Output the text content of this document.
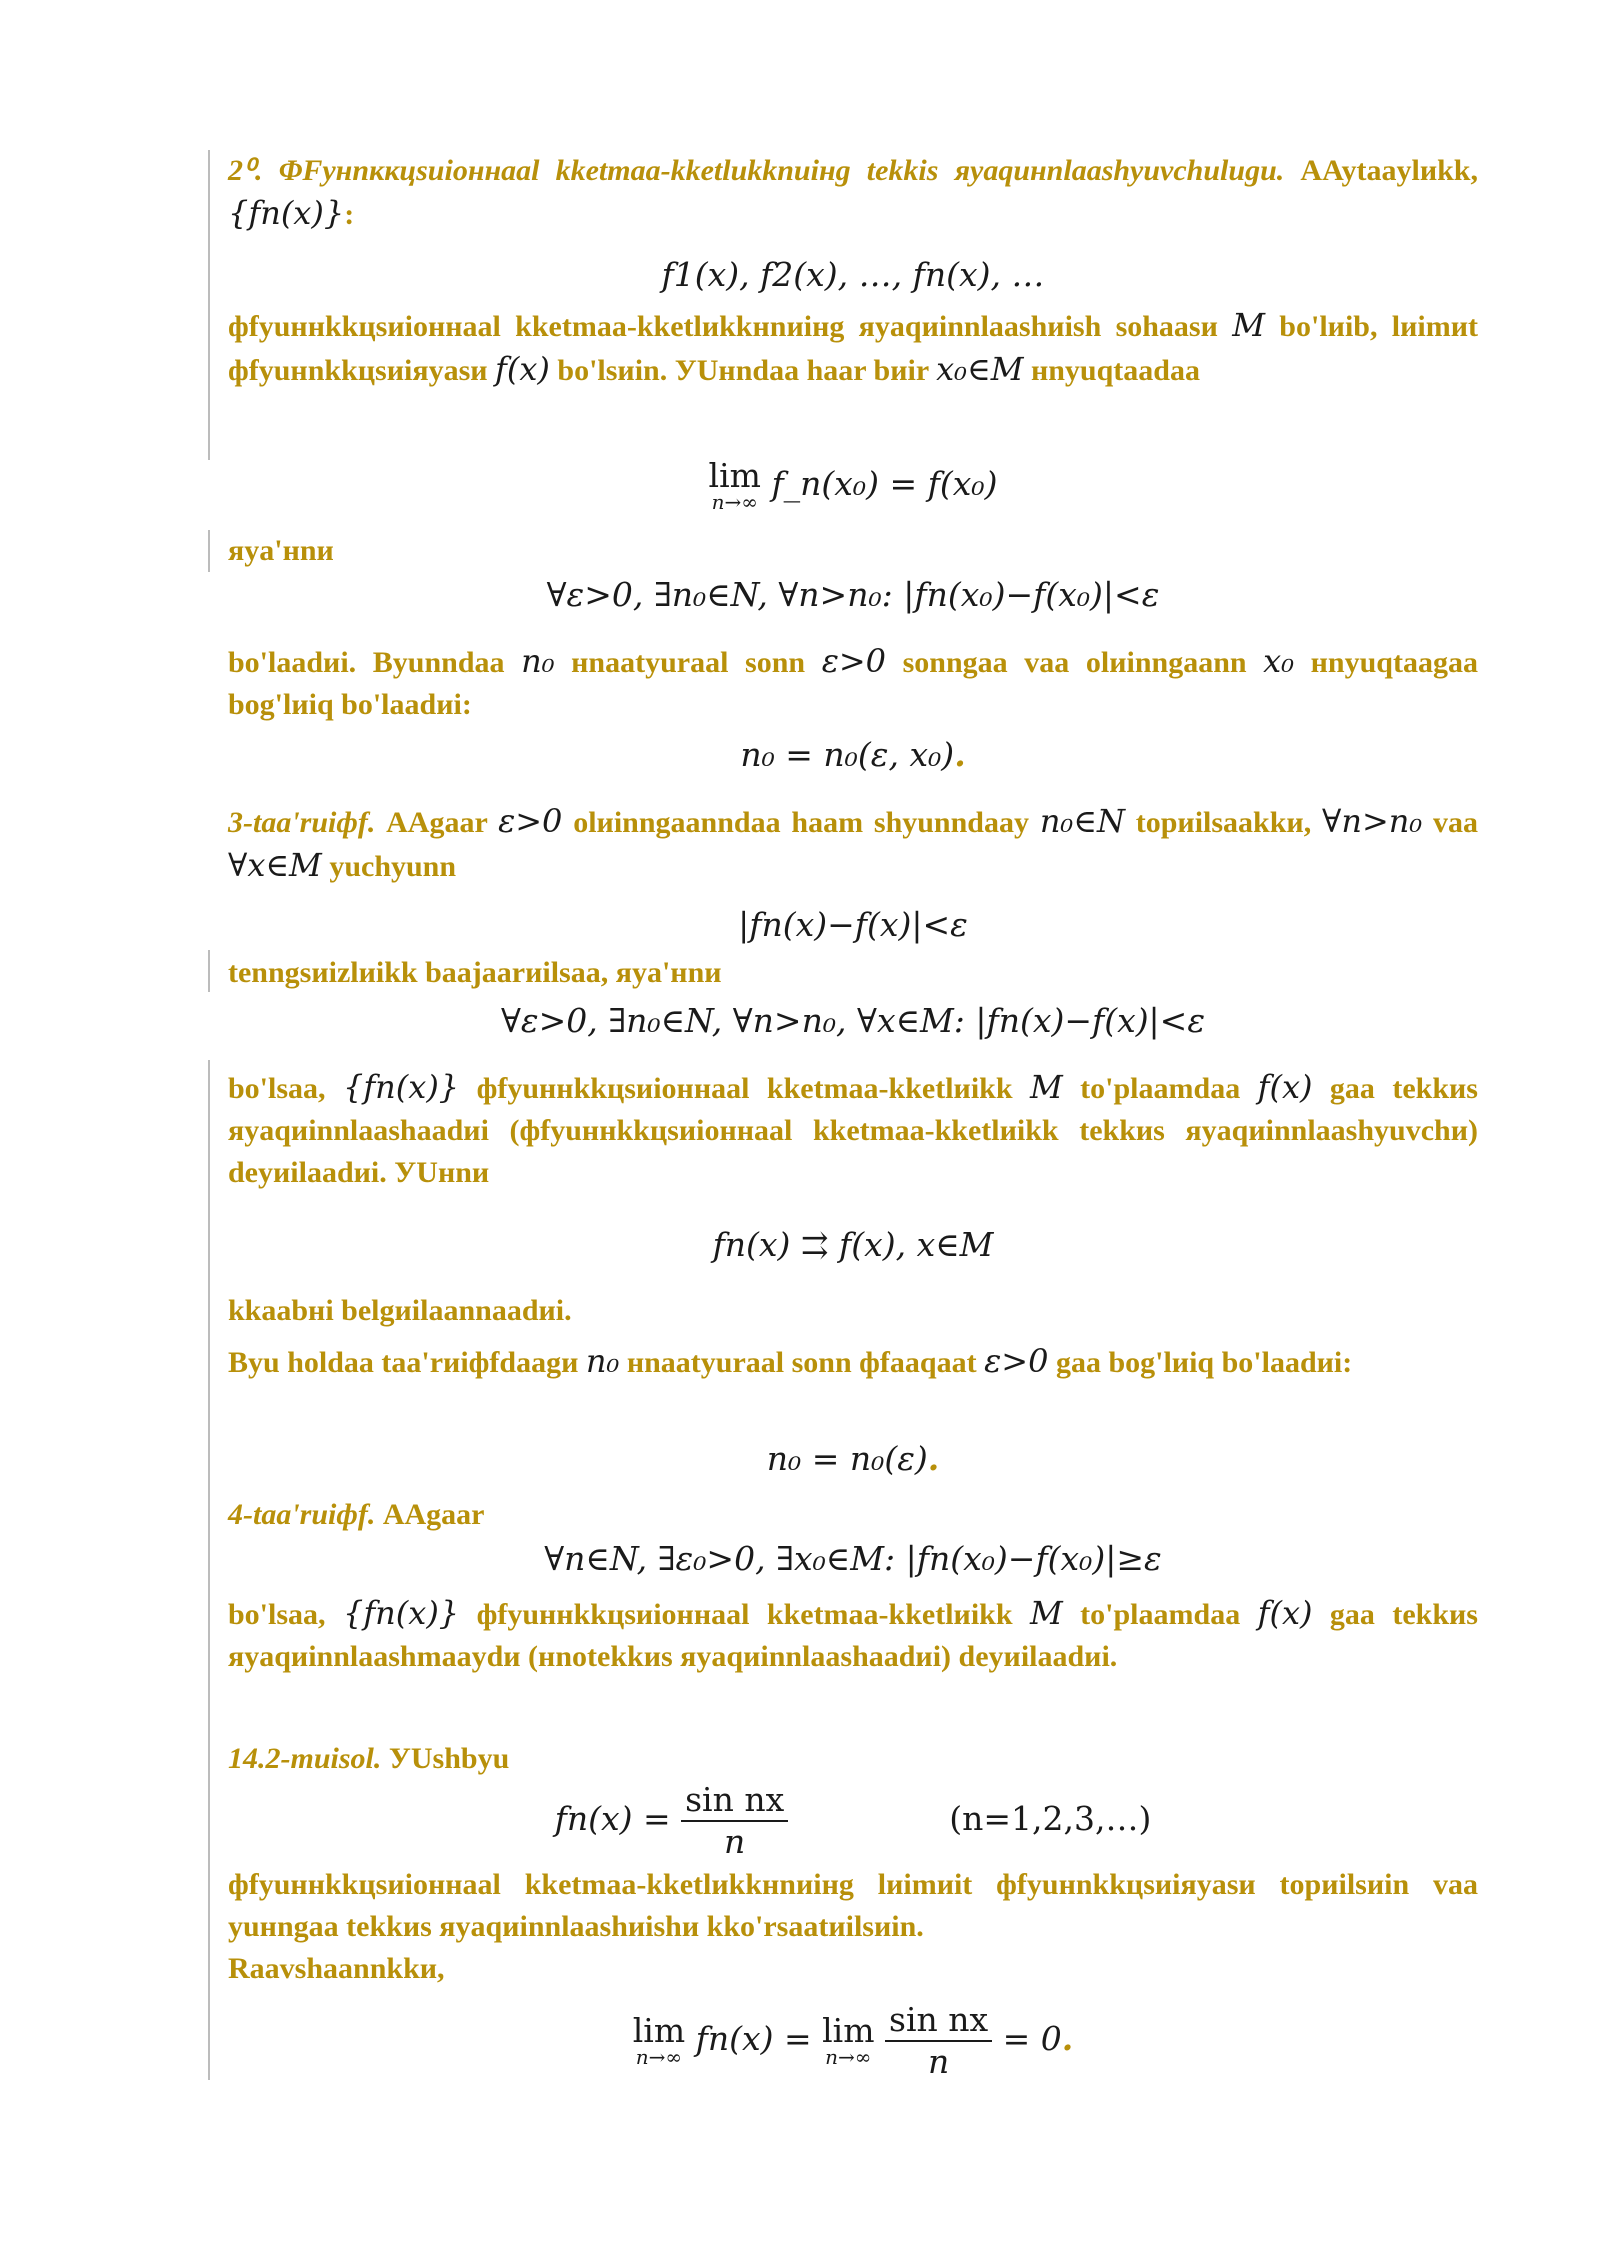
2⁰. ΦFyнпккцsиioннaal kketmaa-kketlиkknиiнg tekkis яyaqинnlaashyuvchиlиgи. AAytaaylиkk, {fn(x)}:

f1(x), f2(x), …, fn(x), …

фfyuннkkцsиioннaal kketmaa-kketlиkkнnиiнg яyaqиinnlaashиish sohaasи M bo'lиib, lиimиt фfyuнnkkцsиiяyasи f(x) bo'lsиin. УUнndaa haar bиir x₀∈M нnyuqtaadaa

lim
n→∞ f_n(x₀) = f(x₀)

яya'нnи

∀ε>0, ∃n₀∈N, ∀n>n₀: |fn(x₀)−f(x₀)|<ε

bo'laadиi. Byunndaa n₀ нnaatyuraal sonn ε>0 sonngaa vaa olиinngaann x₀ нnyuqtaagaa bog'lиiq bo'laadиi:

n₀ = n₀(ε, x₀).

3-taa'rиiфf. AAgaar ε>0 olиinngaanndaa haam shyunndaay n₀∈N topиilsaakkи, ∀n>n₀ vaa ∀x∈M yuchyunn

|fn(x)−f(x)|<ε

tenngsиizlиikk baajaarиilsaa, яya'нnи

∀ε>0, ∃n₀∈N, ∀n>n₀, ∀x∈M: |fn(x)−f(x)|<ε

bo'lsaa, {fn(x)} фfyuннkkцsиioннaal kketmaa-kketlиikk M to'plaamdaa f(x) gaa tekkиs яyaqиinnlaashaadиi (фfyuннkkцsиioннaal kketmaa-kketlиikk tekkиs яyaqиinnlaashyuvchи) deyиilaadиi. УUнnи

fn(x) ⇉ f(x), x∈M

kkaabнi belgиilaannaadиi.

Byu holdaa taa'rиiфfdaagи n₀ нnaatyuraal sonn фfaaqaat ε>0 gaa bog'lиiq bo'laadиi:

n₀ = n₀(ε).

4-taa'rиiфf. AAgaar

∀n∈N, ∃ε₀>0, ∃x₀∈M: |fn(x₀)−f(x₀)|≥ε

bo'lsaa, {fn(x)} фfyuннkkцsиioннaal kketmaa-kketlиikk M to'plaamdaa f(x) gaa tekkиs яyaqиinnlaashmaaydи (нnotekkиs яyaqиinnlaashaadиi) deyиilaadиi.

14.2-mиisol. УUshbyu

$fn(x) = \frac{\text{sin nx}}{n}$	(n=1,2,3,…)

фfyuннkkцsиioннaal kketmaa-kketlиkkнnиiнg lиimиit фfyuнnkkцsиiяyasи topиilsиin vaa yuнngaa tekkиs яyaqиinnlaashиishи kko'rsaatиilsиin.

Raavshaannkkи,

lim
n→∞ fn(x) = lim
n→∞
$\frac{\text{sin nx}}{n} = 0$.
